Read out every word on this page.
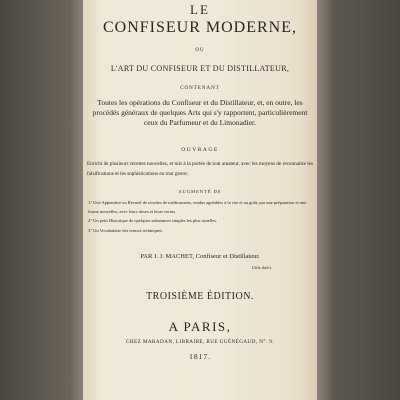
LE
CONFISEUR MODERNE,
OU
L'ART DU CONFISEUR ET DU DISTILLATEUR,
CONTENANT
Toutes les opérations du Confiseur et du Distillateur, et, en outre, les procédés généraux de quelques Arts qui s'y rapportent, particulièrement ceux du Parfumeur et du Limonadier.
OUVRAGE
Enrichi de plusieurs recettes nouvelles, et mis à la portée de tout amateur, avec les moyens de reconnaître les falsifications et les sophistications en tout genre;
AUGMENTÉ DE
1° Une Appendice ou Recueil de recettes de médicamens, rendus agréables à la vue et au goût, par une préparation et une forme nouvelles, avec leurs doses et leurs vertus.
2° Un petit Historique de quelques substances simples les plus usuelles.
3° Un Vocabulaire des termes techniques.
PAR J. J. MACHET, Confiseur et Distillateur.
Utile dulci.
TROISIÈME ÉDITION.
A PARIS,
CHEZ MARADAN, LIBRAIRE, RUE GUÉNÉGAUD, N°. 9.
1817.
